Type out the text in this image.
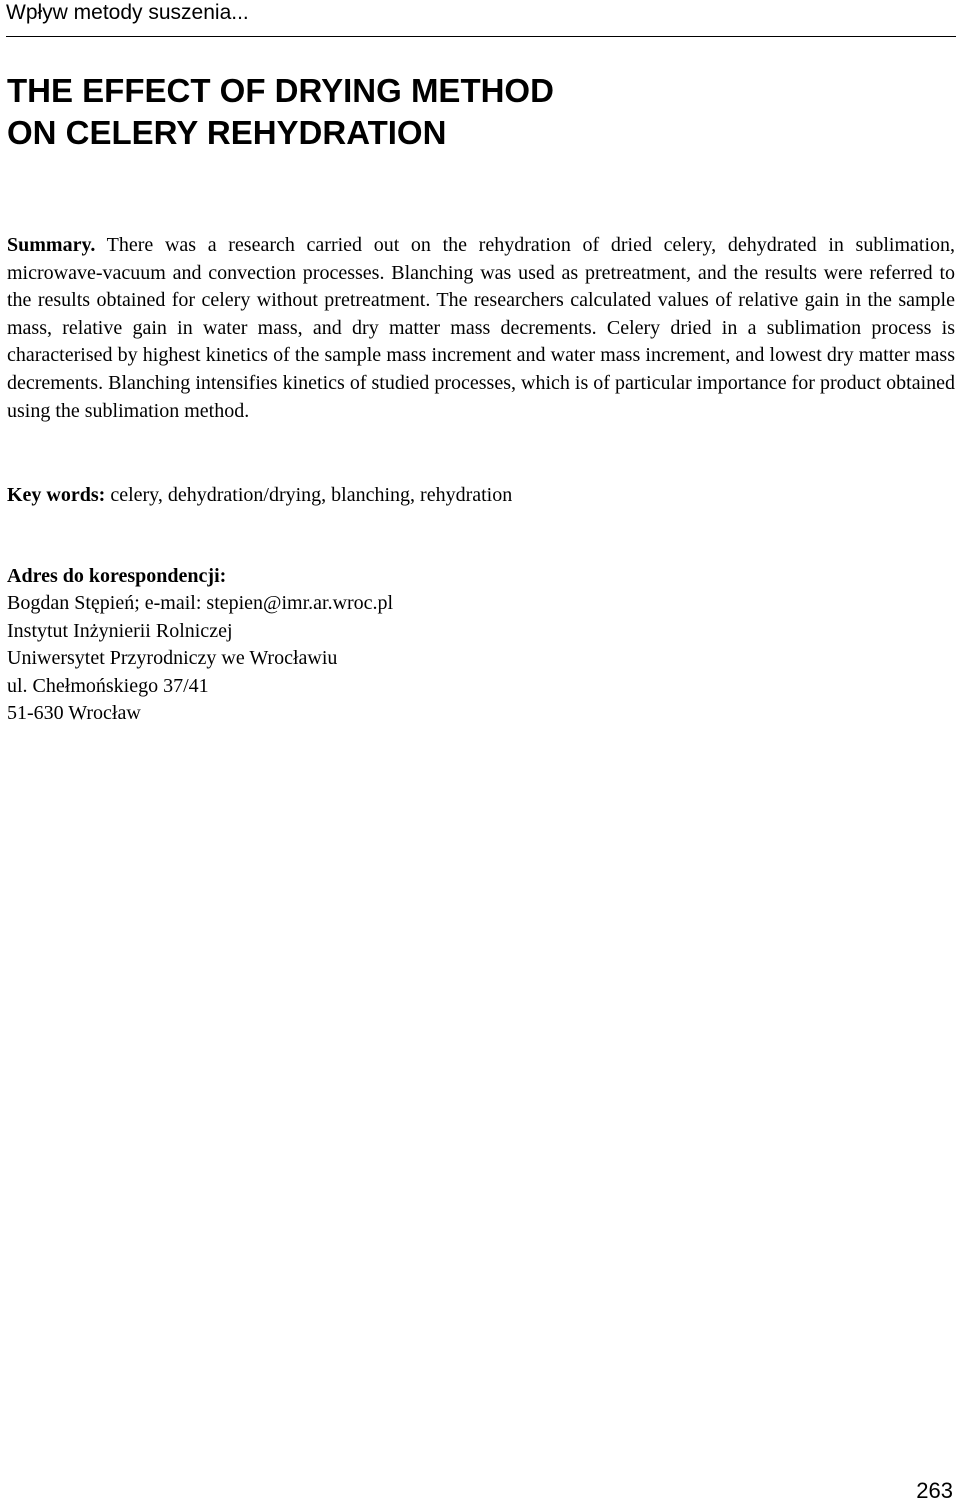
Wpływ metody suszenia...
THE EFFECT OF DRYING METHOD
ON CELERY REHYDRATION

Summary. There was a research carried out on the rehydration of dried celery, dehydrated in sublimation, microwave-vacuum and convection processes. Blanching was used as pretreatment, and the results were referred to the results obtained for celery without pretreatment. The researchers calculated values of relative gain in the sample mass, relative gain in water mass, and dry matter mass decrements. Celery dried in a sublimation process is characterised by highest kinetics of the sample mass increment and water mass increment, and lowest dry matter mass decrements. Blanching intensifies kinetics of studied processes, which is of particular importance for product obtained using the sublimation method.

Key words: celery, dehydration/drying, blanching, rehydration

Adres do korespondencji:
Bogdan Stępień; e-mail: stepien@imr.ar.wroc.pl
Instytut Inżynierii Rolniczej
Uniwersytet Przyrodniczy we Wrocławiu
ul. Chełmońskiego 37/41
51-630 Wrocław
263
